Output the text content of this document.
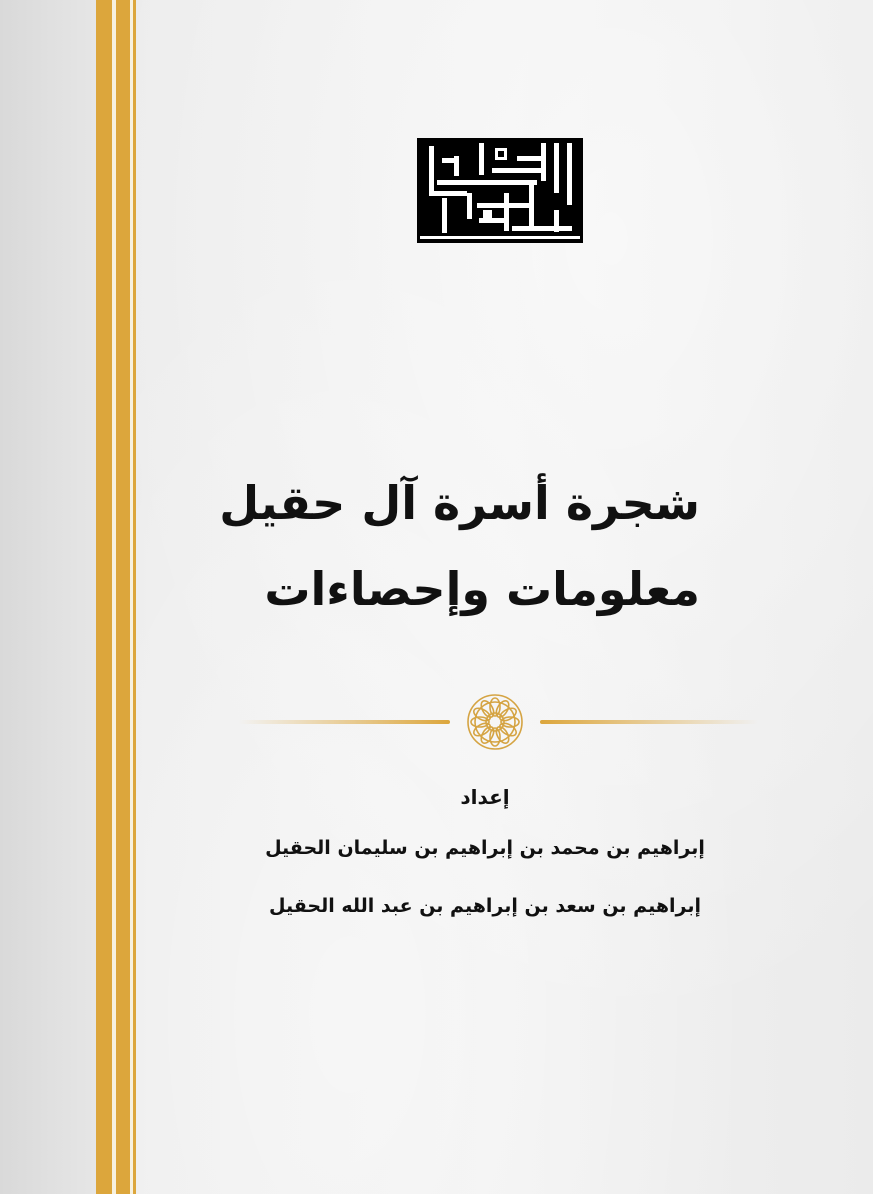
شجرة أسرة آل حقيل
معلومات وإحصاءات
إعداد
إبراهيم بن محمد بن إبراهيم بن سليمان الحقيل
إبراهيم بن سعد بن إبراهيم بن عبد الله الحقيل
